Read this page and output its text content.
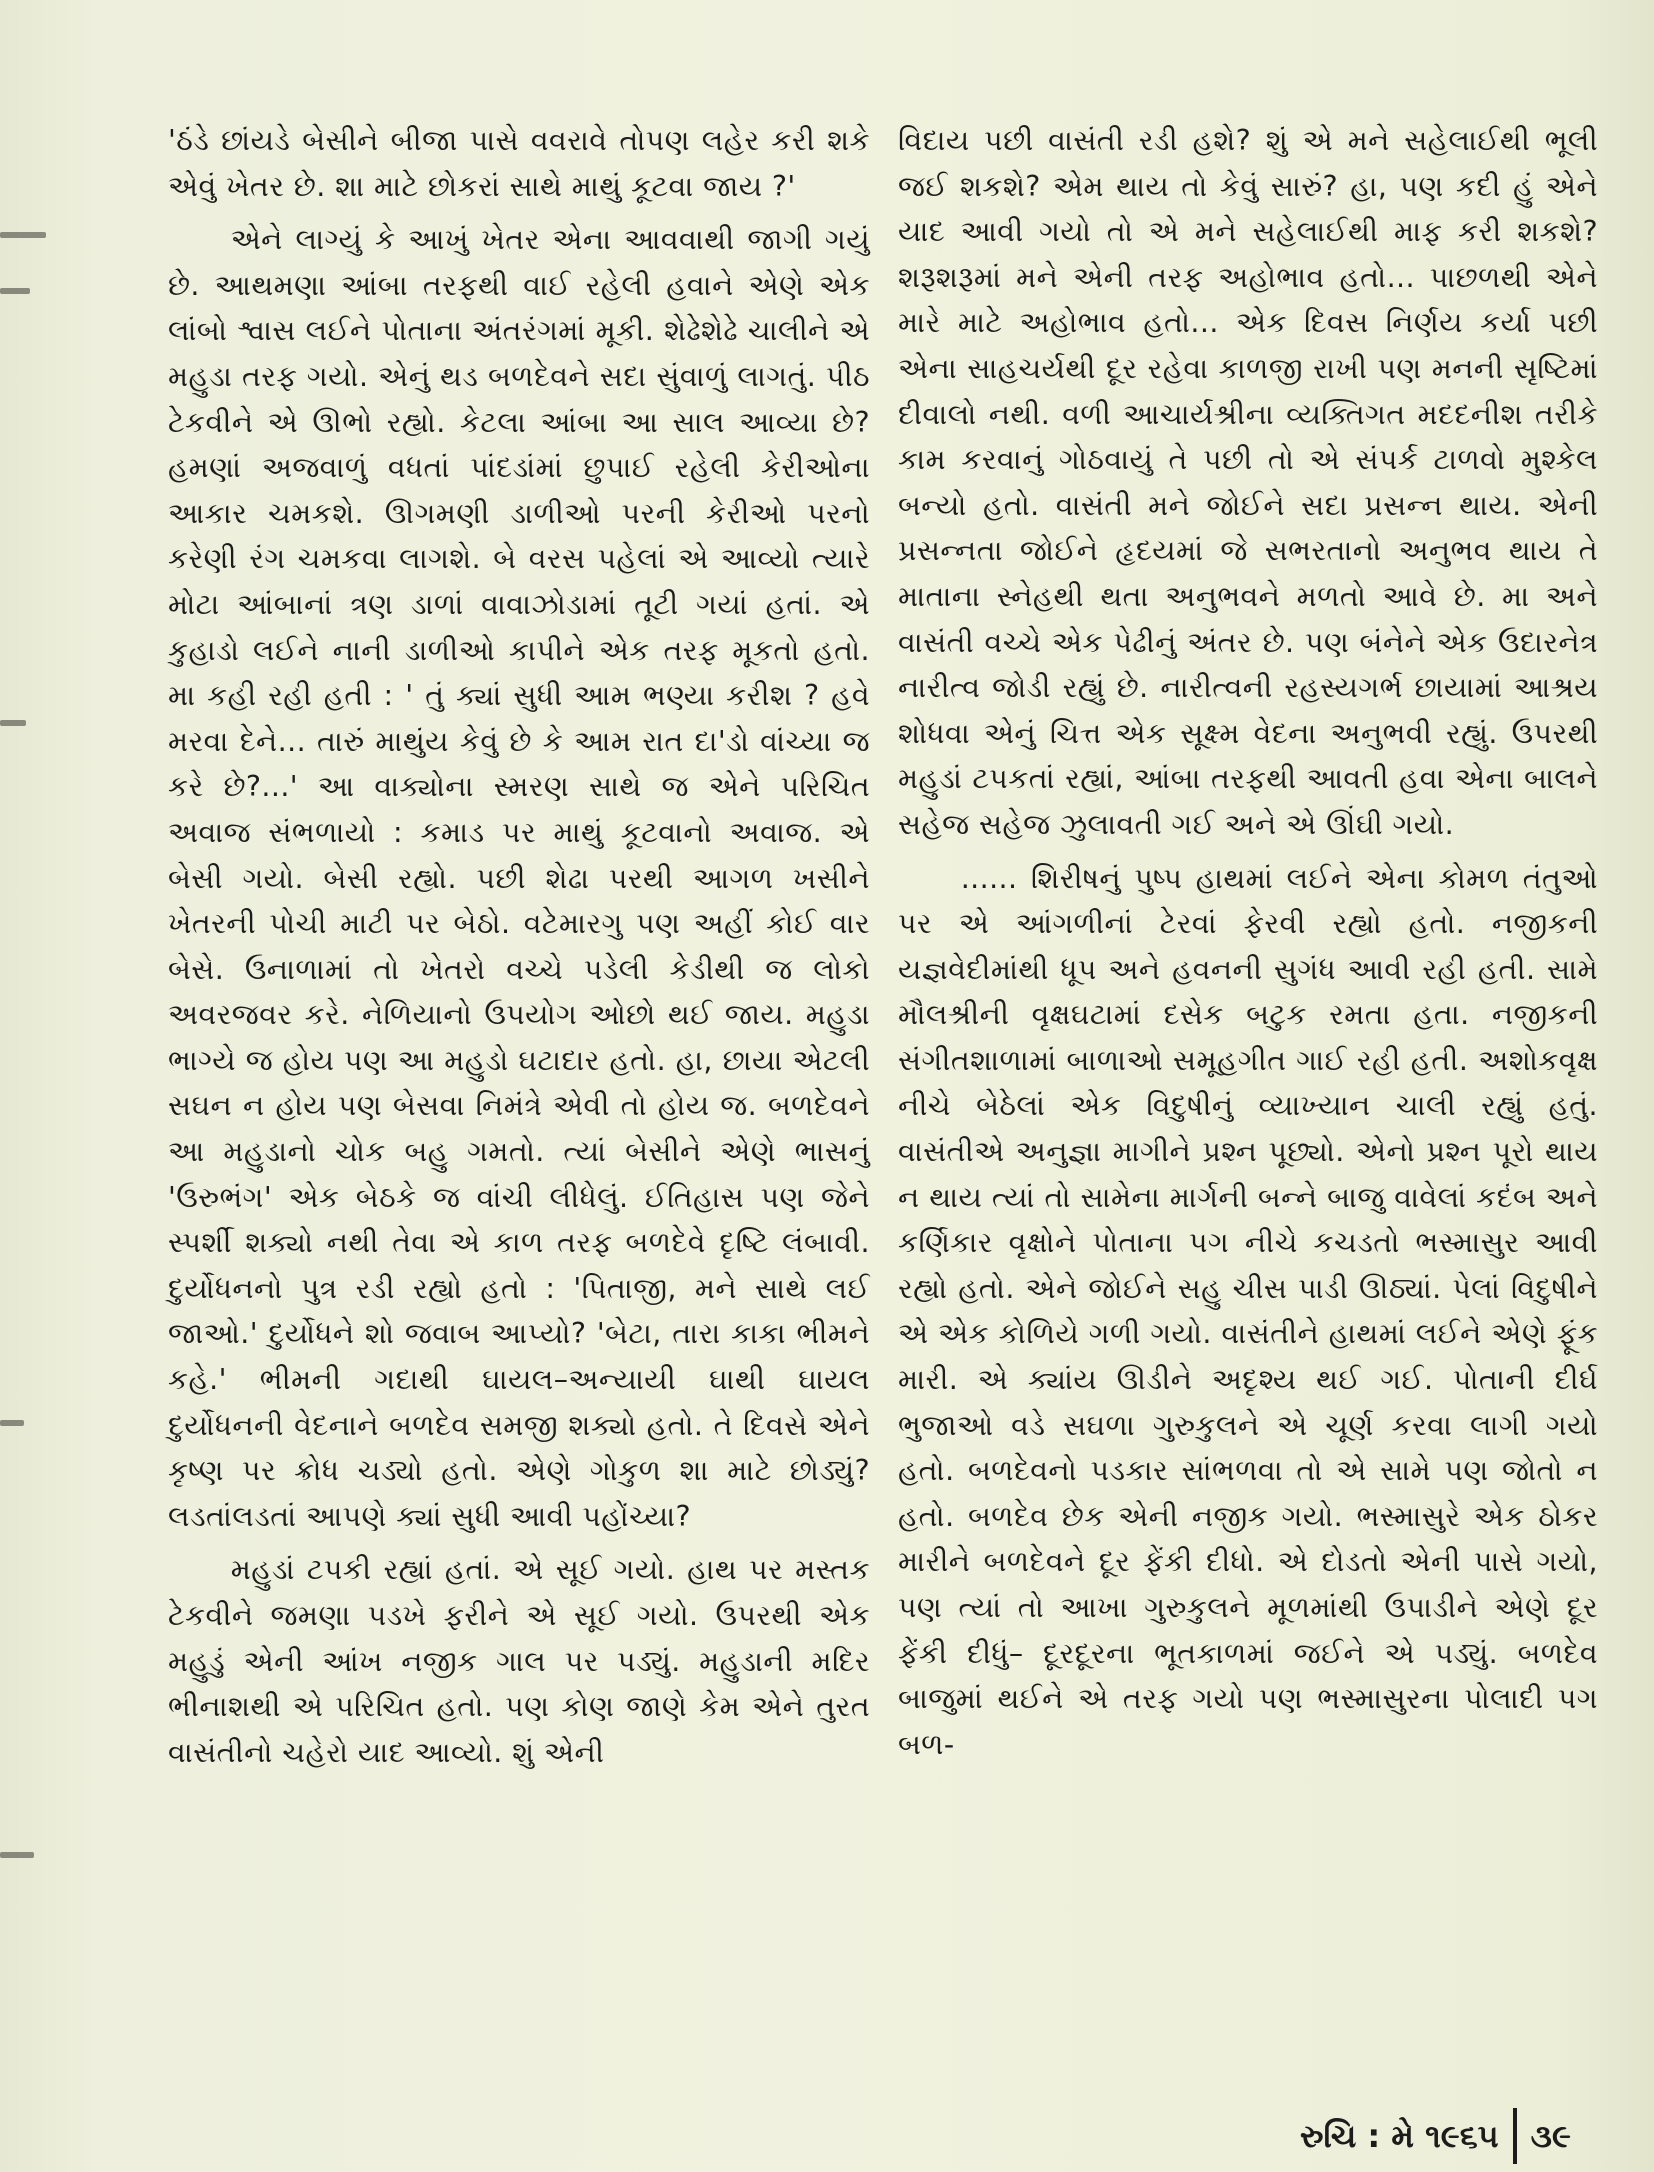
'ઠંડે છાંયડે બેસીને બીજા પાસે વવરાવે તોપણ લહેર કરી શકે એવું ખેતર છે. શા માટે છોકરાં સાથે માથું કૂટવા જાય ?'

એને લાગ્યું કે આખું ખેતર એના આવવાથી જાગી ગયું છે. આથમણા આંબા તરફથી વાઈ રહેલી હવાને એણે એક લાંબો શ્વાસ લઈને પોતાના અંતરંગમાં મૂકી. શેઢેશેઢે ચાલીને એ મહુડા તરફ ગયો. એનું થડ બળદેવને સદા સુંવાળું લાગતું. પીઠ ટેકવીને એ ઊભો રહ્યો. કેટલા આંબા આ સાલ આવ્યા છે? હમણાં અજવાળું વધતાં પાંદડાંમાં છુપાઈ રહેલી કેરીઓના આકાર ચમકશે. ઊગમણી ડાળીઓ પરની કેરીઓ પરનો કરેણી રંગ ચમકવા લાગશે. બે વરસ પહેલાં એ આવ્યો ત્યારે મોટા આંબાનાં ત્રણ ડાળાં વાવાઝોડામાં તૂટી ગયાં હતાં. એ કુહાડો લઈને નાની ડાળીઓ કાપીને એક તરફ મૂકતો હતો. મા કહી રહી હતી : ' તું ક્યાં સુધી આમ ભણ્યા કરીશ ? હવે મરવા દેને... તારું માથુંય કેવું છે કે આમ રાત દા'ડો વાંચ્યા જ કરે છે?...' આ વાક્યોના સ્મરણ સાથે જ એને પરિચિત અવાજ સંભળાયો : કમાડ પર માથું કૂટવાનો અવાજ. એ બેસી ગયો. બેસી રહ્યો. પછી શેઢા પરથી આગળ ખસીને ખેતરની પોચી માટી પર બેઠો. વટેમારગુ પણ અહીં કોઈ વાર બેસે. ઉનાળામાં તો ખેતરો વચ્ચે પડેલી કેડીથી જ લોકો અવરજવર કરે. નેળિયાનો ઉપયોગ ઓછો થઈ જાય. મહુડા ભાગ્યે જ હોય પણ આ મહુડો ઘટાદાર હતો. હા, છાયા એટલી સઘન ન હોય પણ બેસવા નિમંત્રે એવી તો હોય જ. બળદેવને આ મહુડાનો ચોક બહુ ગમતો. ત્યાં બેસીને એણે ભાસનું 'ઉરુભંગ' એક બેઠકે જ વાંચી લીધેલું. ઈતિહાસ પણ જેને સ્પર્શી શક્યો નથી તેવા એ કાળ તરફ બળદેવે દૃષ્ટિ લંબાવી. દુર્યોધનનો પુત્ર રડી રહ્યો હતો : 'પિતાજી, મને સાથે લઈ જાઓ.' દુર્યોધને શો જવાબ આપ્યો? 'બેટા, તારા કાકા ભીમને કહે.' ભીમની ગદાથી ઘાયલ–અન્યાયી ઘાથી ઘાયલ દુર્યોધનની વેદનાને બળદેવ સમજી શક્યો હતો. તે દિવસે એને કૃષ્ણ પર ક્રોધ ચડ્યો હતો. એણે ગોકુળ શા માટે છોડ્યું? લડતાંલડતાં આપણે ક્યાં સુધી આવી પહોંચ્યા?

મહુડાં ટપકી રહ્યાં હતાં. એ સૂઈ ગયો. હાથ પર મસ્તક ટેકવીને જમણા પડખે ફરીને એ સૂઈ ગયો. ઉપરથી એક મહુડું એની આંખ નજીક ગાલ પર પડ્યું. મહુડાની મદિર ભીનાશથી એ પરિચિત હતો. પણ કોણ જાણે કેમ એને તુરત વાસંતીનો ચહેરો યાદ આવ્યો. શું એની

વિદાય પછી વાસંતી રડી હશે? શું એ મને સહેલાઈથી ભૂલી જઈ શકશે? એમ થાય તો કેવું સારું? હા, પણ કદી હું એને યાદ આવી ગયો તો એ મને સહેલાઈથી માફ કરી શકશે? શરૂશરૂમાં મને એની તરફ અહોભાવ હતો... પાછળથી એને મારે માટે અહોભાવ હતો... એક દિવસ નિર્ણય કર્યા પછી એના સાહચર્યથી દૂર રહેવા કાળજી રાખી પણ મનની સૃષ્ટિમાં દીવાલો નથી. વળી આચાર્યશ્રીના વ્યક્તિગત મદદનીશ તરીકે કામ કરવાનું ગોઠવાયું તે પછી તો એ સંપર્ક ટાળવો મુશ્કેલ બન્યો હતો. વાસંતી મને જોઈને સદા પ્રસન્ન થાય. એની પ્રસન્નતા જોઈને હૃદયમાં જે સભરતાનો અનુભવ થાય તે માતાના સ્નેહથી થતા અનુભવને મળતો આવે છે. મા અને વાસંતી વચ્ચે એક પેઢીનું અંતર છે. પણ બંનેને એક ઉદારનેત્ર નારીત્વ જોડી રહ્યું છે. નારીત્વની રહસ્યગર્ભ છાયામાં આશ્રય શોધવા એનું ચિત્ત એક સૂક્ષ્મ વેદના અનુભવી રહ્યું. ઉપરથી મહુડાં ટપકતાં રહ્યાં, આંબા તરફથી આવતી હવા એના બાલને સહેજ સહેજ ઝુલાવતી ગઈ અને એ ઊંઘી ગયો.

...... શિરીષનું પુષ્પ હાથમાં લઈને એના કોમળ તંતુઓ પર એ આંગળીનાં ટેરવાં ફેરવી રહ્યો હતો. નજીકની યજ્ઞવેદીમાંથી ધૂપ અને હવનની સુગંધ આવી રહી હતી. સામે મૌલશ્રીની વૃક્ષઘટામાં દસેક બટુક રમતા હતા. નજીકની સંગીતશાળામાં બાળાઓ સમૂહગીત ગાઈ રહી હતી. અશોકવૃક્ષ નીચે બેઠેલાં એક વિદુષીનું વ્યાખ્યાન ચાલી રહ્યું હતું. વાસંતીએ અનુજ્ઞા માગીને પ્રશ્ન પૂછ્યો. એનો પ્રશ્ન પૂરો થાય ન થાય ત્યાં તો સામેના માર્ગની બન્ને બાજુ વાવેલાં કદંબ અને કર્ણિકાર વૃક્ષોને પોતાના પગ નીચે કચડતો ભસ્માસુર આવી રહ્યો હતો. એને જોઈને સહુ ચીસ પાડી ઊઠ્યાં. પેલાં વિદુષીને એ એક કોળિયે ગળી ગયો. વાસંતીને હાથમાં લઈને એણે ફૂંક મારી. એ ક્યાંય ઊડીને અદૃશ્ય થઈ ગઈ. પોતાની દીર્ઘ ભુજાઓ વડે સઘળા ગુરુકુલને એ ચૂર્ણ કરવા લાગી ગયો હતો. બળદેવનો પડકાર સાંભળવા તો એ સામે પણ જોતો ન હતો. બળદેવ છેક એની નજીક ગયો. ભસ્માસુરે એક ઠોકર મારીને બળદેવને દૂર ફેંકી દીધો. એ દોડતો એની પાસે ગયો, પણ ત્યાં તો આખા ગુરુકુલને મૂળમાંથી ઉપાડીને એણે દૂર ફેંકી દીધું– દૂરદૂરના ભૂતકાળમાં જઈને એ પડ્યું. બળદેવ બાજુમાં થઈને એ તરફ ગયો પણ ભસ્માસુરના પોલાદી પગ બળ-

રુચિ : મે ૧૯૬૫ ૩૯
